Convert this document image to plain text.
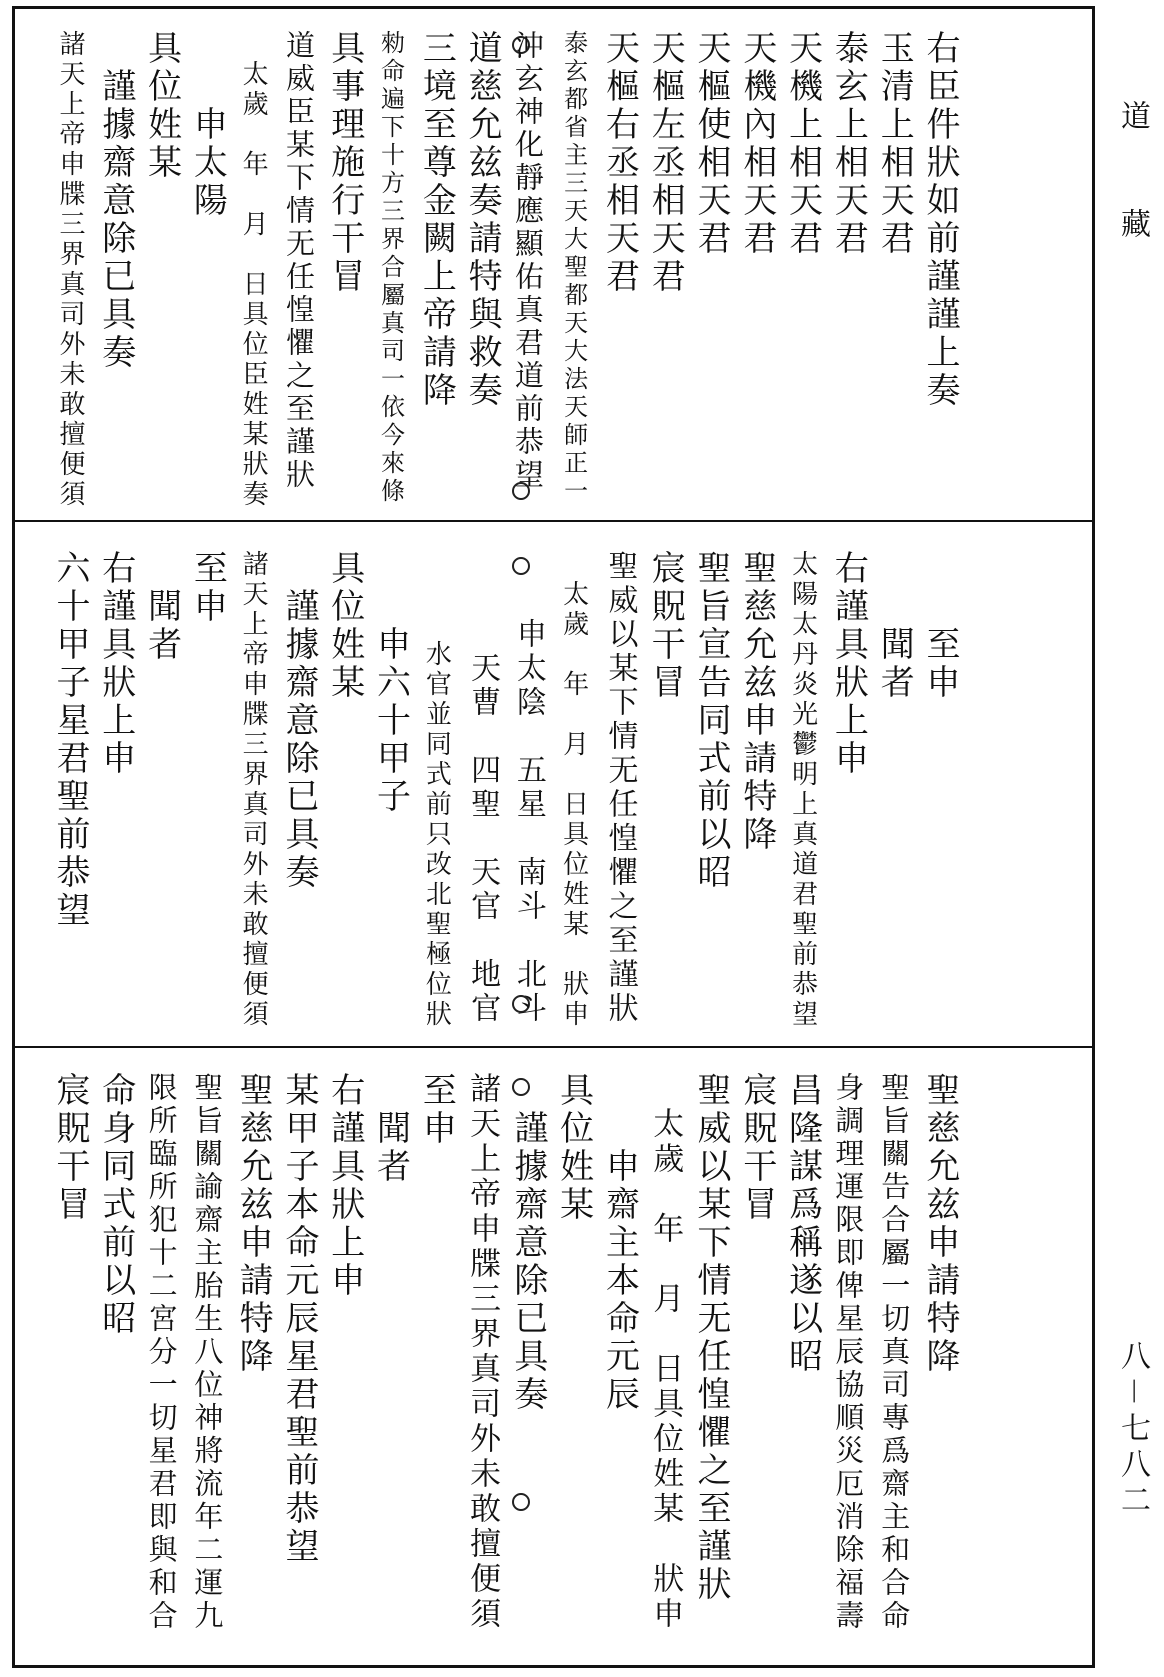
道　　藏
八－七八二
右臣件狀如前謹謹上奏
玉清上相天君
泰玄上相天君
天機上相天君
天機內相天君
天樞使相天君
天樞左丞相天君
天樞右丞相天君
泰玄都省主三天大聖都天大法天師正一
沖玄神化靜應顯佑真君道前恭望
道慈允兹奏請特與救奏
三境至尊金闕上帝請降
勑命遍下十方三界合屬真司一依今來條
具事理施行干冒
道威臣某下情无任惶懼之至謹狀
　太歲　年　月　日具位臣姓某狀奏
　　申太陽
具位姓某
　謹據齋意除已具奏
諸天上帝申牒三界真司外未敢擅便須
　　至申
　　聞者
右謹具狀上申
太陽太丹炎光鬱明上真道君聖前恭望
聖慈允兹申請特降
聖旨宣告同式前以昭
宸貺干冒
聖威以某下情无任惶懼之至謹狀
　太歲　年　月　日具位姓某　狀申
　　申太陰　五星　南斗　北斗
　　　天曹　四聖　天官　地官
　　　水官並同式前只改北聖極位狀
　　申六十甲子
具位姓某
　謹據齋意除已具奏
諸天上帝申牒三界真司外未敢擅便須
至申
　聞者
右謹具狀上申
六十甲子星君聖前恭望
聖慈允兹申請特降
聖旨關告合屬一切真司專爲齋主和合命
身調理運限即俾星辰協順災厄消除福壽
昌隆謀爲稱遂以昭
宸貺干冒
聖威以某下情无任惶懼之至謹狀
　太歲　年　月　日具位姓某　狀申
　　申齋主本命元辰
具位姓某
　謹據齋意除已具奏
諸天上帝申牒三界真司外未敢擅便須
至申
　聞者
右謹具狀上申
某甲子本命元辰星君聖前恭望
聖慈允兹申請特降
聖旨關諭齋主胎生八位神將流年二運九
限所臨所犯十二宮分一切星君即與和合
命身同式前以昭
宸貺干冒
